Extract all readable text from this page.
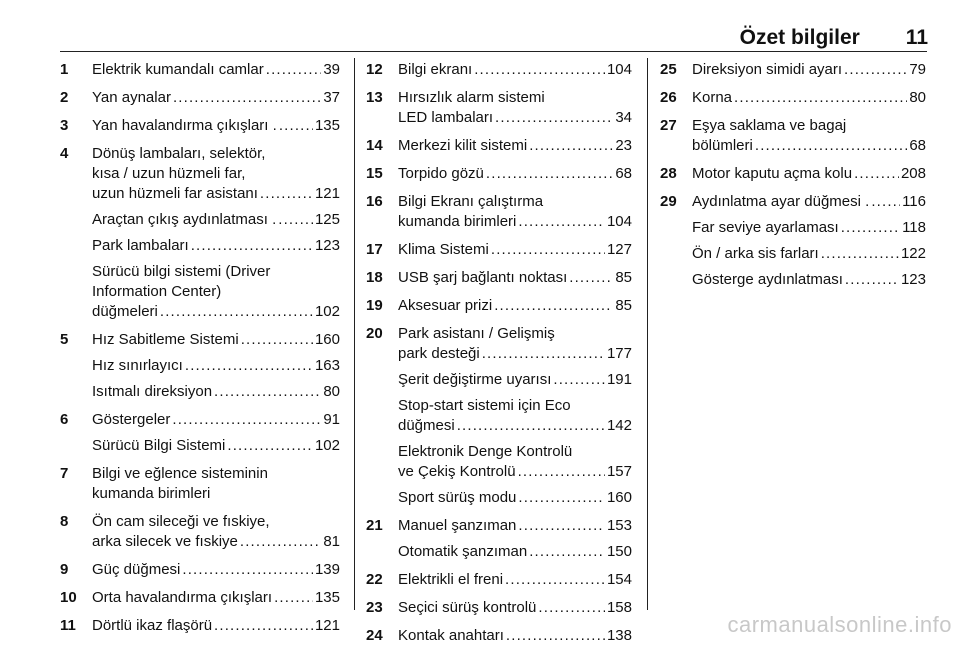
Özet bilgiler 11
1	Elektrik kumandalı camlar . . .	39
2	Yan aynalar . . .	37
3	Yan havalandırma çıkışları . . . .	135
4	Dönüş lambaları, selektör,
kısa / uzun hüzmeli far,
uzun hüzmeli far asistanı . . .	121
Araçtan çıkış aydınlatması . . . .	125
Park lambaları . . .	123
Sürücü bilgi sistemi (Driver
Information Center)
düğmeleri . . .	102
5	Hız Sabitleme Sistemi . . .	160
Hız sınırlayıcı . . .	163
Isıtmalı direksiyon . . .	80
6	Göstergeler . . .	91
Sürücü Bilgi Sistemi . . .	102
7	Bilgi ve eğlence sisteminin
kumanda birimleri
8	Ön cam sileceği ve fıskiye,
arka silecek ve fıskiye . . .	81
9	Güç düğmesi . . .	139
10	Orta havalandırma çıkışları . . .	135
11	Dörtlü ikaz flaşörü . . .	121
12	Bilgi ekranı . . .	104
13	Hırsızlık alarm sistemi
LED lambaları . . .	34
14	Merkezi kilit sistemi . . .	23
15	Torpido gözü . . .	68
16	Bilgi Ekranı çalıştırma
kumanda birimleri . . .	104
17	Klima Sistemi . . .	127
18	USB şarj bağlantı noktası . . .	85
19	Aksesuar prizi . . .	85
20	Park asistanı / Gelişmiş
park desteği . . .	177
Şerit değiştirme uyarısı . . .	191
Stop-start sistemi için Eco
düğmesi . . .	142
Elektronik Denge Kontrolü
ve Çekiş Kontrolü . . .	157
Sport sürüş modu . . .	160
21	Manuel şanzıman . . .	153
Otomatik şanzıman . . .	150
22	Elektrikli el freni . . .	154
23	Seçici sürüş kontrolü . . .	158
24	Kontak anahtarı . . .	138
25	Direksiyon simidi ayarı . . .	79
26	Korna . . .	80
27	Eşya saklama ve bagaj
bölümleri . . .	68
28	Motor kaputu açma kolu . . .	208
29	Aydınlatma ayar düğmesi . . . . 116
Far seviye ayarlaması . . .	118
Ön / arka sis farları . . .	122
Gösterge aydınlatması . . .	123
carmanualsonline.info
